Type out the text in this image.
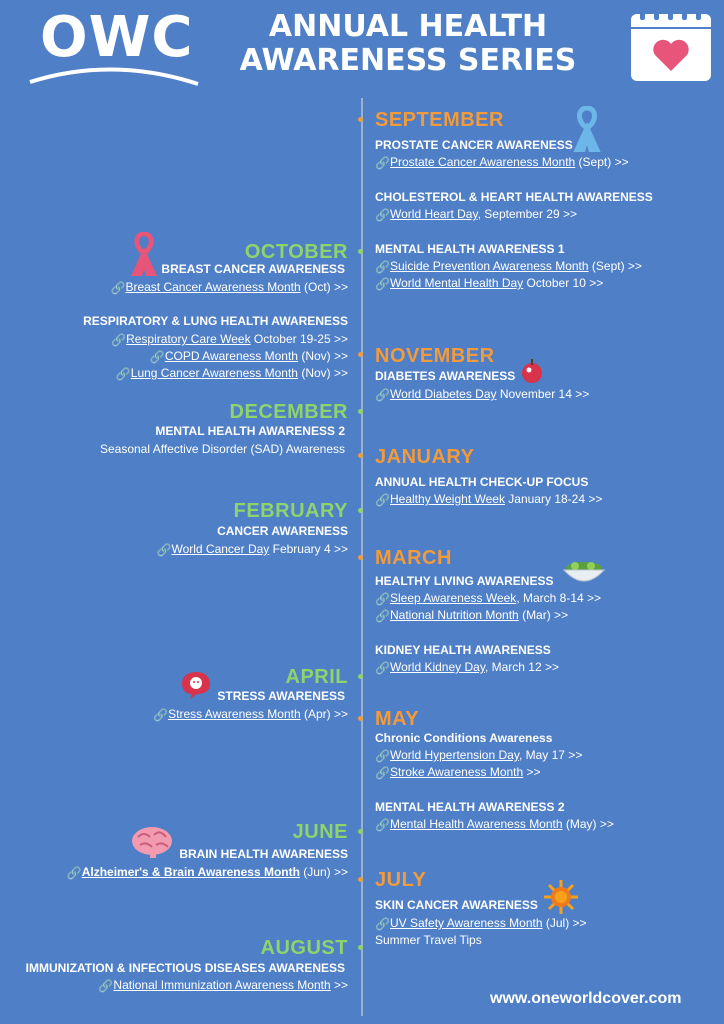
OWC	ANNUAL HEALTH
AWARENESS SERIES
SEPTEMBER
PROSTATE CANCER AWARENESS
🔗Prostate Cancer Awareness Month (Sept) >>
CHOLESTEROL & HEART HEALTH AWARENESS
🔗World Heart Day, September 29 >>
MENTAL HEALTH AWARENESS 1
🔗Suicide Prevention Awareness Month (Sept) >>
🔗World Mental Health Day October 10 >>
OCTOBER
BREAST CANCER AWARENESS
🔗Breast Cancer Awareness Month (Oct) >>
RESPIRATORY & LUNG HEALTH AWARENESS
🔗Respiratory Care Week October 19-25 >>
🔗COPD Awareness Month (Nov) >>
🔗Lung Cancer Awareness Month (Nov) >>
NOVEMBER
DIABETES AWARENESS
🔗World Diabetes Day November 14 >>
DECEMBER
MENTAL HEALTH AWARENESS 2
Seasonal Affective Disorder (SAD) Awareness JANUARY
ANNUAL HEALTH CHECK-UP FOCUS
🔗Healthy Weight Week January 18-24 >>
FEBRUARY
CANCER AWARENESS
🔗World Cancer Day February 4 >> MARCH
HEALTHY LIVING AWARENESS
🔗Sleep Awareness Week, March 8-14 >>
🔗National Nutrition Month (Mar) >>
KIDNEY HEALTH AWARENESS
🔗World Kidney Day, March 12 >>
APRIL
STRESS AWARENESS
🔗Stress Awareness Month (Apr) >> MAY
Chronic Conditions Awareness
🔗World Hypertension Day, May 17 >>
🔗Stroke Awareness Month >>
MENTAL HEALTH AWARENESS 2
🔗Mental Health Awareness Month (May) >>
JUNE
BRAIN HEALTH AWARENESS
🔗Alzheimer's & Brain Awareness Month (Jun) >> JULY
SKIN CANCER AWARENESS
🔗UV Safety Awareness Month (Jul) >>
Summer Travel Tips
AUGUST
IMMUNIZATION & INFECTIOUS DISEASES AWARENESS
🔗National Immunization Awareness Month >>
www.oneworldcover.com
